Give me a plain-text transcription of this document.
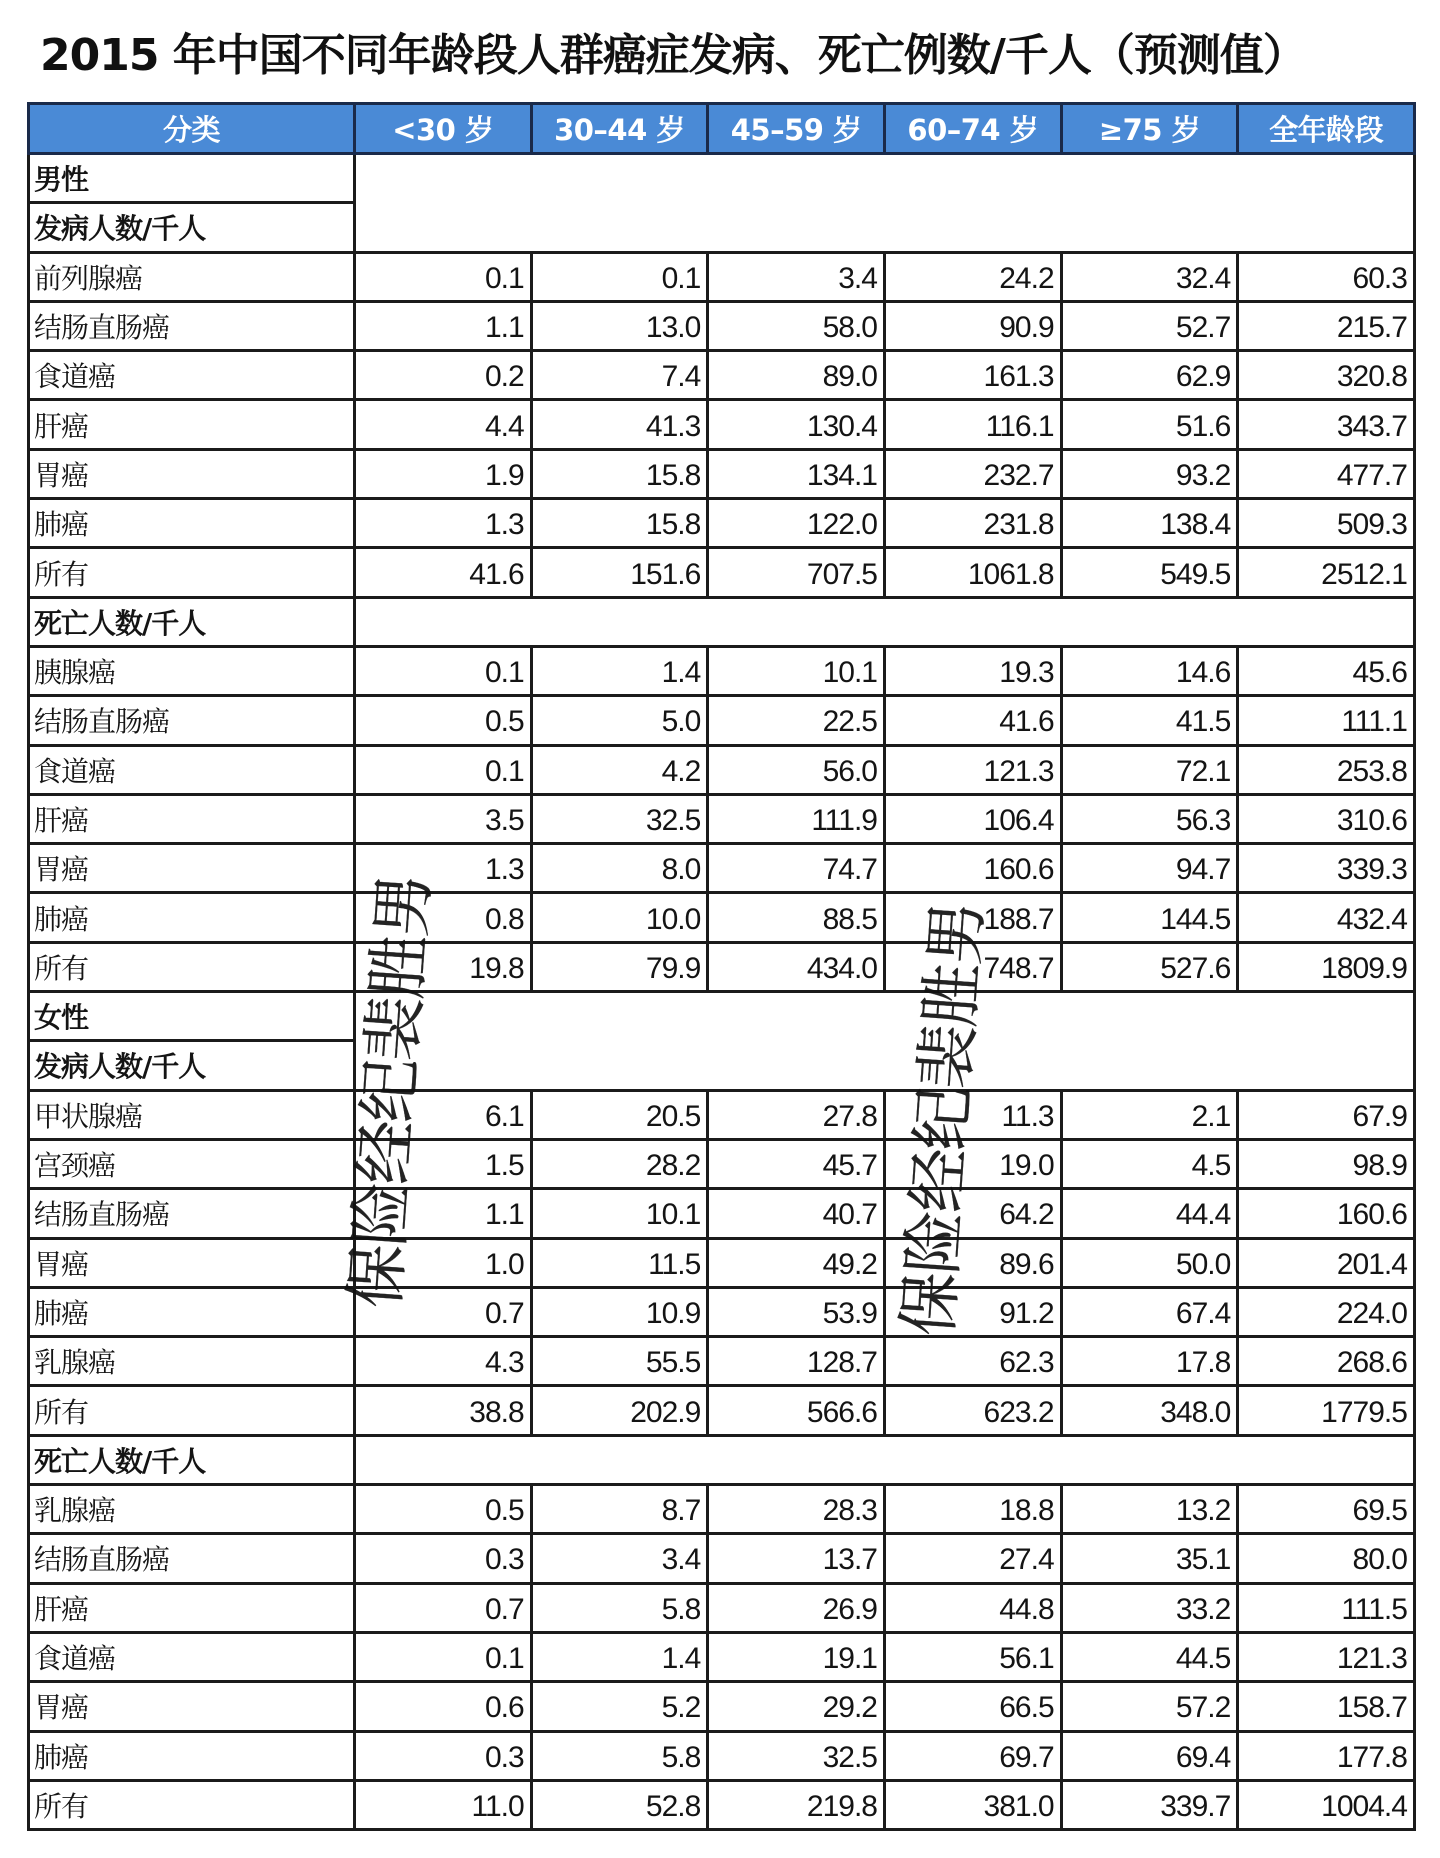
2015 年中国不同年龄段人群癌症发病、死亡例数/千人（预测值）
分类	<30 岁	30–44 岁	45–59 岁	60–74 岁	≥75 岁	全年龄段
男性						
发病人数/千人						
前列腺癌	0.1	0.1	3.4	24.2	32.4	60.3
结肠直肠癌	1.1	13.0	58.0	90.9	52.7	215.7
食道癌	0.2	7.4	89.0	161.3	62.9	320.8
肝癌	4.4	41.3	130.4	116.1	51.6	343.7
胃癌	1.9	15.8	134.1	232.7	93.2	477.7
肺癌	1.3	15.8	122.0	231.8	138.4	509.3
所有	41.6	151.6	707.5	1061.8	549.5	2512.1
死亡人数/千人						
胰腺癌	0.1	1.4	10.1	19.3	14.6	45.6
结肠直肠癌	0.5	5.0	22.5	41.6	41.5	111.1
食道癌	0.1	4.2	56.0	121.3	72.1	253.8
肝癌	3.5	32.5	111.9	106.4	56.3	310.6
胃癌	1.3	8.0	74.7	160.6	94.7	339.3
肺癌	0.8	10.0	88.5	188.7	144.5	432.4
所有	19.8	79.9	434.0	748.7	527.6	1809.9
女性						
发病人数/千人						
甲状腺癌	6.1	20.5	27.8	11.3	2.1	67.9
宫颈癌	1.5	28.2	45.7	19.0	4.5	98.9
结肠直肠癌	1.1	10.1	40.7	64.2	44.4	160.6
胃癌	1.0	11.5	49.2	89.6	50.0	201.4
肺癌	0.7	10.9	53.9	91.2	67.4	224.0
乳腺癌	4.3	55.5	128.7	62.3	17.8	268.6
所有	38.8	202.9	566.6	623.2	348.0	1779.5
死亡人数/千人						
乳腺癌	0.5	8.7	28.3	18.8	13.2	69.5
结肠直肠癌	0.3	3.4	13.7	27.4	35.1	80.0
肝癌	0.7	5.8	26.9	44.8	33.2	111.5
食道癌	0.1	1.4	19.1	56.1	44.5	121.3
胃癌	0.6	5.2	29.2	66.5	57.2	158.7
肺癌	0.3	5.8	32.5	69.7	69.4	177.8
所有	11.0	52.8	219.8	381.0	339.7	1004.4
保险经纪裴胜男	保险经纪裴胜男
